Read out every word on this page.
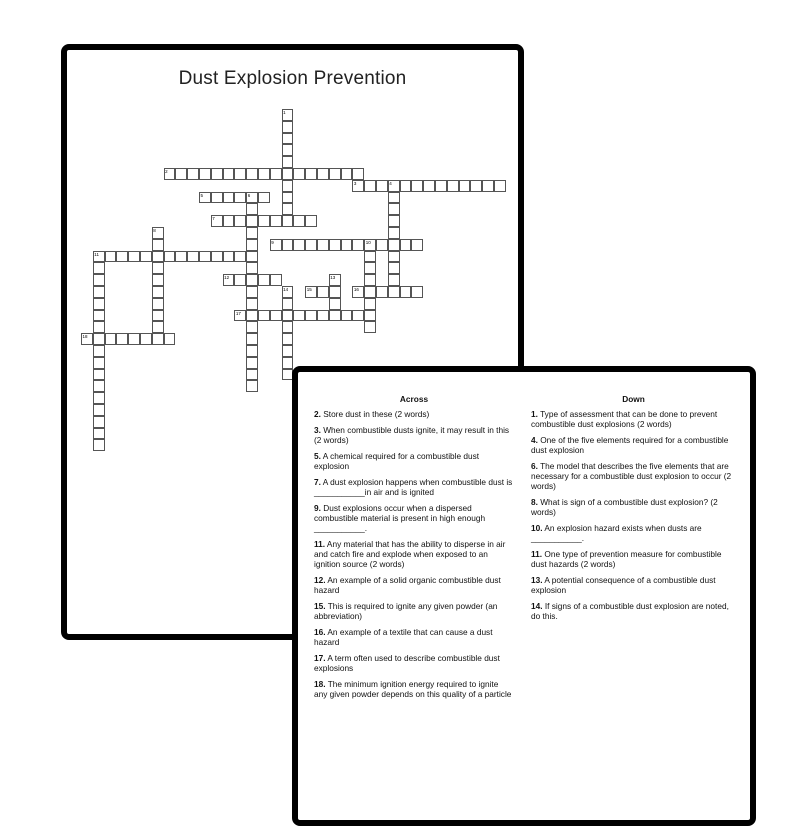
Dust Explosion Prevention
1
2
3	4
5	6
7
8
9	10
11
12	13
14	15	16
17
18
Across
2. Store dust in these (2 words)
3. When combustible dusts ignite, it may result in this (2 words)
5. A chemical required for a combustible dust explosion
7. A dust explosion happens when combustible dust is ___________in air and is ignited
9. Dust explosions occur when a dispersed combustible material is present in high enough ___________.
11. Any material that has the ability to disperse in air and catch fire and explode when exposed to an ignition source (2 words)
12. An example of a solid organic combustible dust hazard
15. This is required to ignite any given powder (an abbreviation)
16. An example of a textile that can cause a dust hazard
17. A term often used to describe combustible dust explosions
18. The minimum ignition energy required to ignite any given powder depends on this quality of a particle
Down
1. Type of assessment that can be done to prevent combustible dust explosions (2 words)
4. One of the five elements required for a combustible dust explosion
6. The model that describes the five elements that are necessary for a combustible dust explosion to occur (2 words)
8. What is sign of a combustible dust explosion? (2 words)
10. An explosion hazard exists when dusts are ___________.
11. One type of prevention measure for combustible dust hazards (2 words)
13. A potential consequence of a combustible dust explosion
14. If signs of a combustible dust explosion are noted, do this.
